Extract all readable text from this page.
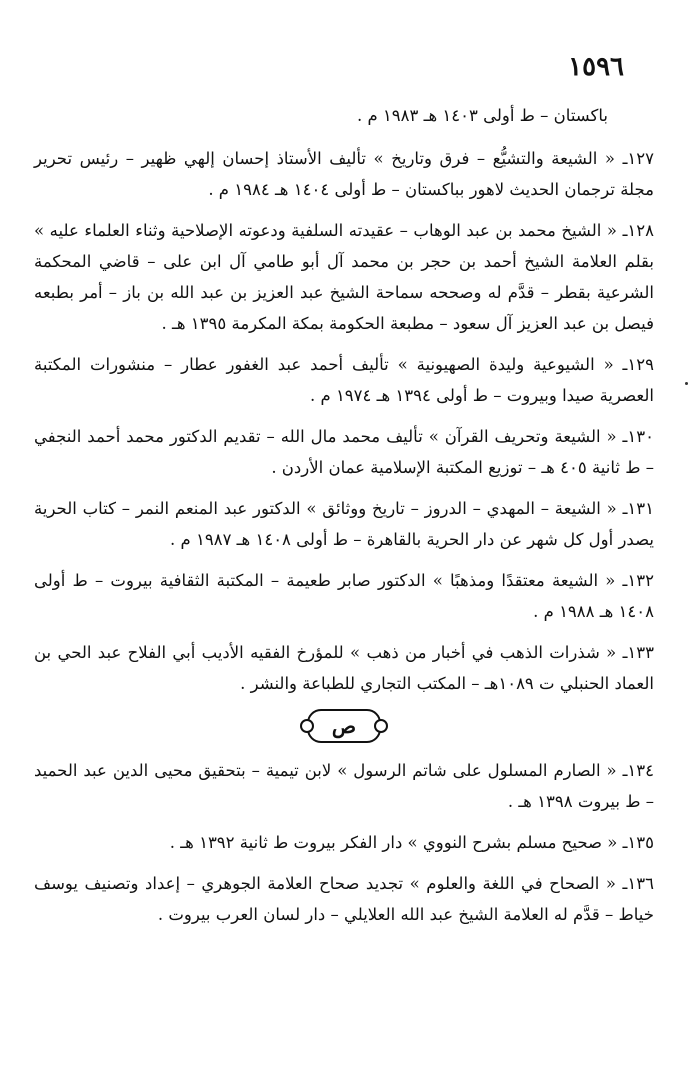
١٥٩٦

باكستان – ط أولى ١٤٠٣ هـ ١٩٨٣ م .

١٢٧ـ « الشيعة والتشيُّع – فرق وتاريخ » تأليف الأستاذ إحسان إلهي ظهير – رئيس تحرير مجلة ترجمان الحديث لاهور بباكستان – ط أولى ١٤٠٤ هـ ١٩٨٤ م .

١٢٨ـ « الشيخ محمد بن عبد الوهاب – عقيدته السلفية ودعوته الإصلاحية وثناء العلماء عليه » بقلم العلامة الشيخ أحمد بن حجر بن محمد آل أبو طامي آل ابن على – قاضي المحكمة الشرعية بقطر – قدَّم له وصححه سماحة الشيخ عبد العزيز بن عبد الله بن باز – أمر بطبعه فيصل بن عبد العزيز آل سعود – مطبعة الحكومة بمكة المكرمة ١٣٩٥ هـ .

١٢٩ـ « الشيوعية وليدة الصهيونية » تأليف أحمد عبد الغفور عطار – منشورات المكتبة العصرية صيدا وبيروت – ط أولى ١٣٩٤ هـ ١٩٧٤ م .

١٣٠ـ « الشيعة وتحريف القرآن » تأليف محمد مال الله – تقديم الدكتور محمد أحمد النجفي – ط ثانية ٤٠٥ هـ – توزيع المكتبة الإسلامية عمان الأردن .

١٣١ـ « الشيعة – المهدي – الدروز – تاريخ ووثائق » الدكتور عبد المنعم النمر – كتاب الحرية يصدر أول كل شهر عن دار الحرية بالقاهرة – ط أولى ١٤٠٨ هـ ١٩٨٧ م .

١٣٢ـ « الشيعة معتقدًا ومذهبًا » الدكتور صابر طعيمة – المكتبة الثقافية بيروت – ط أولى ١٤٠٨ هـ ١٩٨٨ م .

١٣٣ـ « شذرات الذهب في أخبار من ذهب » للمؤرخ الفقيه الأديب أبي الفلاح عبد الحي بن العماد الحنبلي ت ١٠٨٩هـ – المكتب التجاري للطباعة والنشر .

ص

١٣٤ـ « الصارم المسلول على شاتم الرسول » لابن تيمية – بتحقيق محيى الدين عبد الحميد – ط بيروت ١٣٩٨ هـ .

١٣٥ـ « صحيح مسلم بشرح النووي » دار الفكر بيروت ط ثانية ١٣٩٢ هـ .

١٣٦ـ « الصحاح في اللغة والعلوم » تجديد صحاح العلامة الجوهري – إعداد وتصنيف يوسف خياط – قدَّم له العلامة الشيخ عبد الله العلايلي – دار لسان العرب بيروت .
